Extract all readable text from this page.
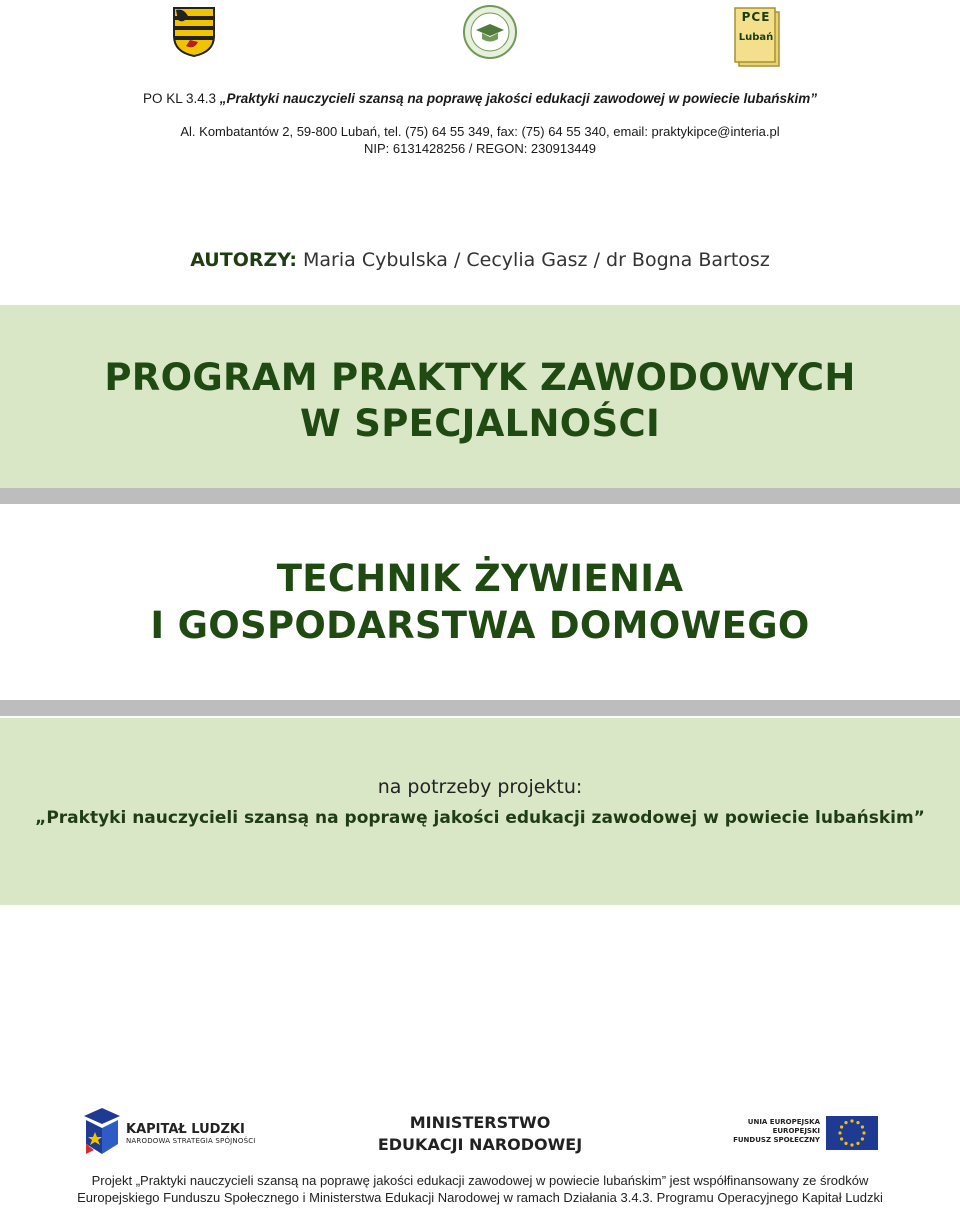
PCE
Lubań
PO KL 3.4.3 „Praktyki nauczycieli szansą na poprawę jakości edukacji zawodowej w powiecie lubańskim”
Al. Kombatantów 2, 59-800 Lubań, tel. (75) 64 55 349, fax: (75) 64 55 340, email: praktykipce@interia.pl
NIP: 6131428256 / REGON: 230913449
AUTORZY: Maria Cybulska / Cecylia Gasz / dr Bogna Bartosz
PROGRAM PRAKTYK ZAWODOWYCH
W SPECJALNOŚCI
TECHNIK ŻYWIENIA
I GOSPODARSTWA DOMOWEGO
na potrzeby projektu:
„Praktyki nauczycieli szansą na poprawę jakości edukacji zawodowej w powiecie lubańskim”
KAPITAŁ LUDZKI
NARODOWA STRATEGIA SPÓJNOŚCI
MINISTERSTWO
EDUKACJI NARODOWEJ
UNIA EUROPEJSKA
EUROPEJSKI
FUNDUSZ SPOŁECZNY
Projekt „Praktyki nauczycieli szansą na poprawę jakości edukacji zawodowej w powiecie lubańskim” jest współfinansowany ze środków
Europejskiego Funduszu Społecznego i Ministerstwa Edukacji Narodowej w ramach Działania 3.4.3. Programu Operacyjnego Kapitał Ludzki
